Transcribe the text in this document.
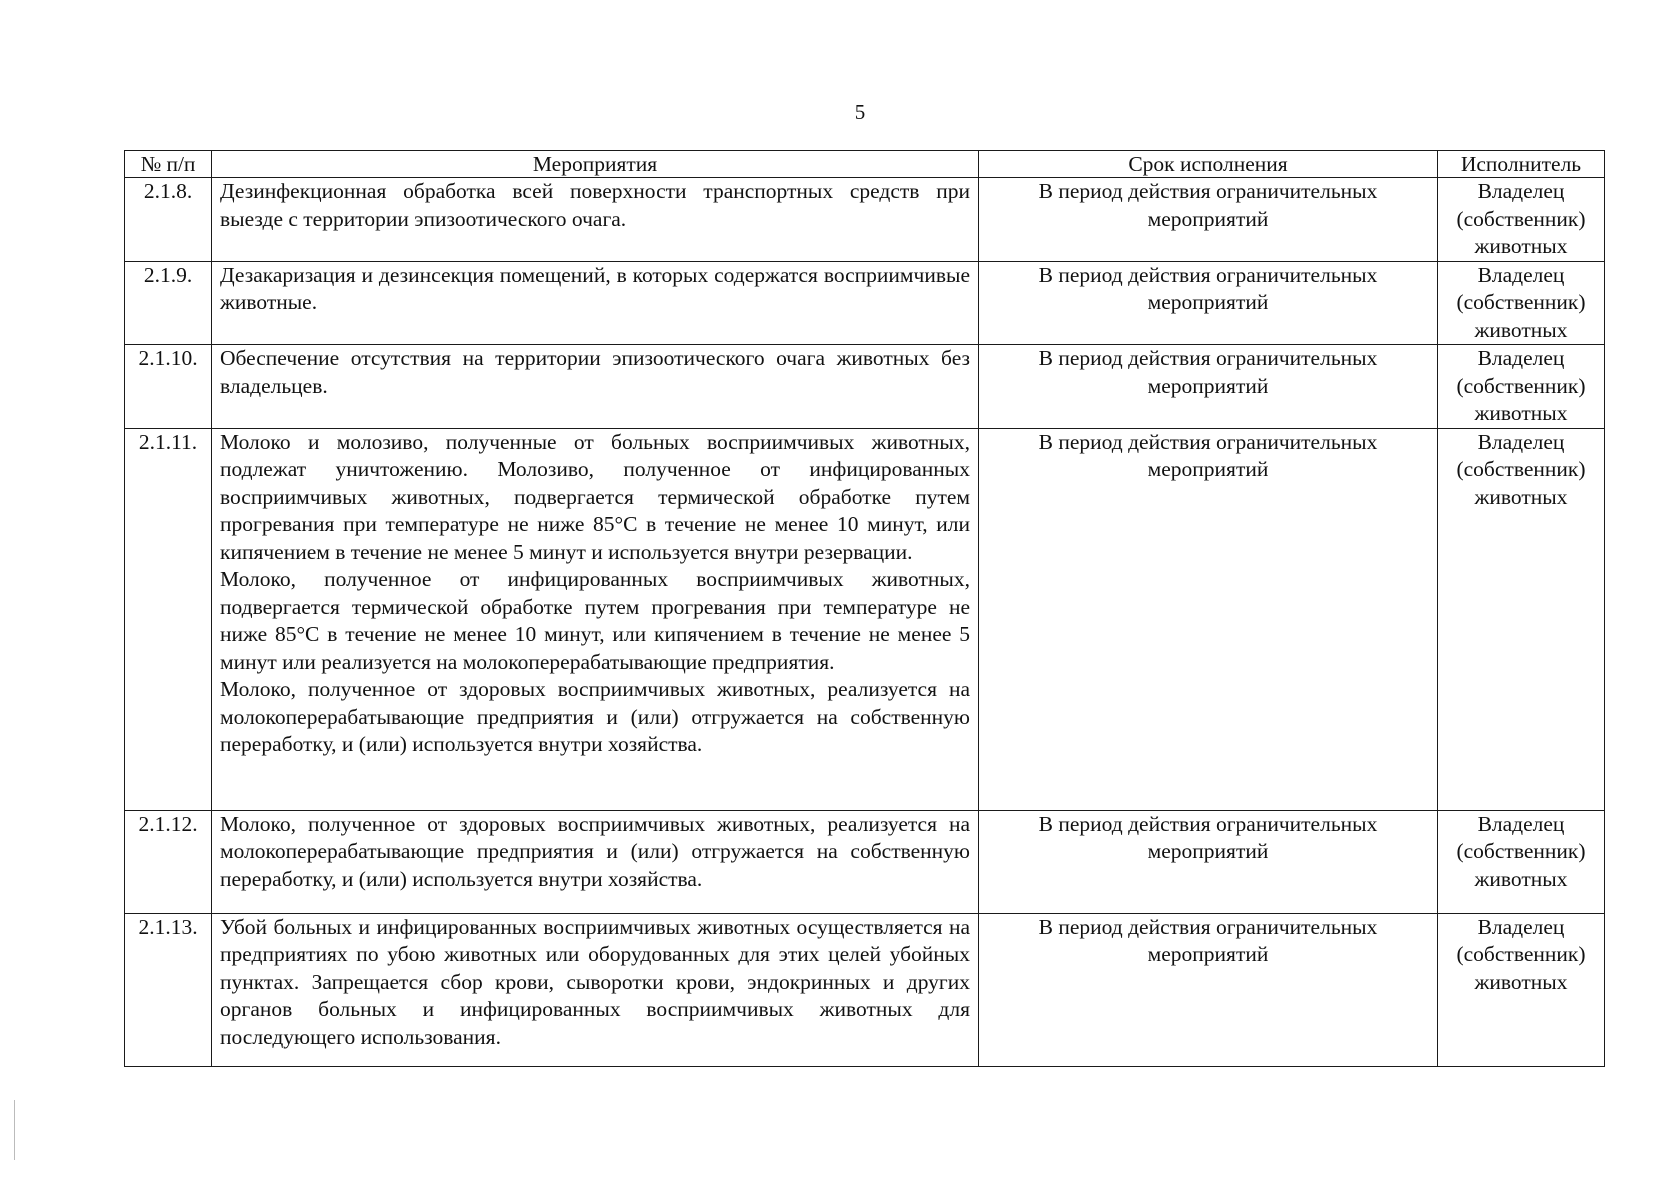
5
№ п/п	Мероприятия	Срок исполнения	Исполнитель
2.1.8.	Дезинфекционная обработка всей поверхности транспортных средств при выезде с территории эпизоотического очага.	В период действия ограничительных мероприятий	Владелец (собственник) животных
2.1.9.	Дезакаризация и дезинсекция помещений, в которых содержатся восприимчивые животные.	В период действия ограничительных мероприятий	Владелец (собственник) животных
2.1.10.	Обеспечение отсутствия на территории эпизоотического очага животных без владельцев.	В период действия ограничительных мероприятий	Владелец (собственник) животных
2.1.11.	Молоко и молозиво, полученные от больных восприимчивых животных, подлежат уничтожению. Молозиво, полученное от инфицированных восприимчивых животных, подвергается термической обработке путем прогревания при температуре не ниже 85°С в течение не менее 10 минут, или кипячением в течение не менее 5 минут и используется внутри резервации.

Молоко, полученное от инфицированных восприимчивых животных, подвергается термической обработке путем прогревания при температуре не ниже 85°С в течение не менее 10 минут, или кипячением в течение не менее 5 минут или реализуется на молокоперерабатывающие предприятия.

Молоко, полученное от здоровых восприимчивых животных, реализуется на молокоперерабатывающие предприятия и (или) отгружается на собственную переработку, и (или) используется внутри хозяйства.	В период действия ограничительных мероприятий	Владелец (собственник) животных
2.1.12.	Молоко, полученное от здоровых восприимчивых животных, реализуется на молокоперерабатывающие предприятия и (или) отгружается на собственную переработку, и (или) используется внутри хозяйства.	В период действия ограничительных мероприятий	Владелец (собственник) животных
2.1.13.	Убой больных и инфицированных восприимчивых животных осуществляется на предприятиях по убою животных или оборудованных для этих целей убойных пунктах. Запрещается сбор крови, сыворотки крови, эндокринных и других органов больных и инфицированных восприимчивых животных для последующего использования.	В период действия ограничительных мероприятий	Владелец (собственник) животных
